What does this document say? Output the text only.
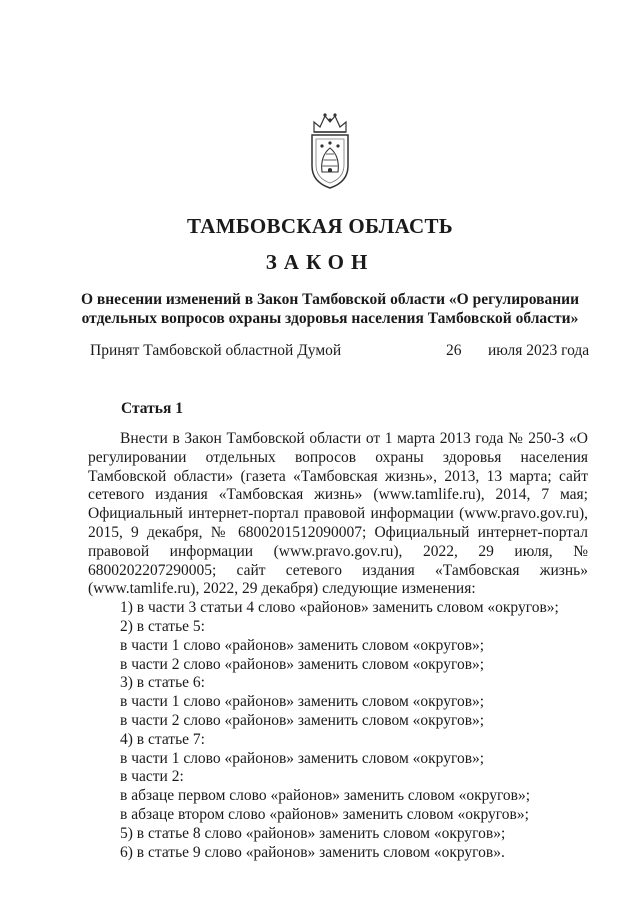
ТАМБОВСКАЯ ОБЛАСТЬ
ЗАКОН
О внесении изменений в Закон Тамбовской области «О регулировании
отдельных вопросов охраны здоровья населения Тамбовской области»
Принят Тамбовской областной Думой	26 июля 2023 года
Статья 1

Внести в Закон Тамбовской области от 1 марта 2013 года № 250-З «О регулировании отдельных вопросов охраны здоровья населения Тамбовской области» (газета «Тамбовская жизнь», 2013, 13 марта; сайт сетевого издания «Тамбовская жизнь» (www.tamlife.ru), 2014, 7 мая; Официальный интернет-портал правовой информации (www.pravo.gov.ru), 2015, 9 декабря, № 6800201512090007; Официальный интернет-портал правовой информации (www.pravo.gov.ru), 2022, 29 июля, № 6800202207290005; сайт сетевого издания «Тамбовская жизнь» (www.tamlife.ru), 2022, 29 декабря) следующие изменения:

1) в части 3 статьи 4 слово «районов» заменить словом «округов»;
2) в статье 5:
в части 1 слово «районов» заменить словом «округов»;
в части 2 слово «районов» заменить словом «округов»;
3) в статье 6:
в части 1 слово «районов» заменить словом «округов»;
в части 2 слово «районов» заменить словом «округов»;
4) в статье 7:
в части 1 слово «районов» заменить словом «округов»;
в части 2:
в абзаце первом слово «районов» заменить словом «округов»;
в абзаце втором слово «районов» заменить словом «округов»;
5) в статье 8 слово «районов» заменить словом «округов»;
6) в статье 9 слово «районов» заменить словом «округов».
